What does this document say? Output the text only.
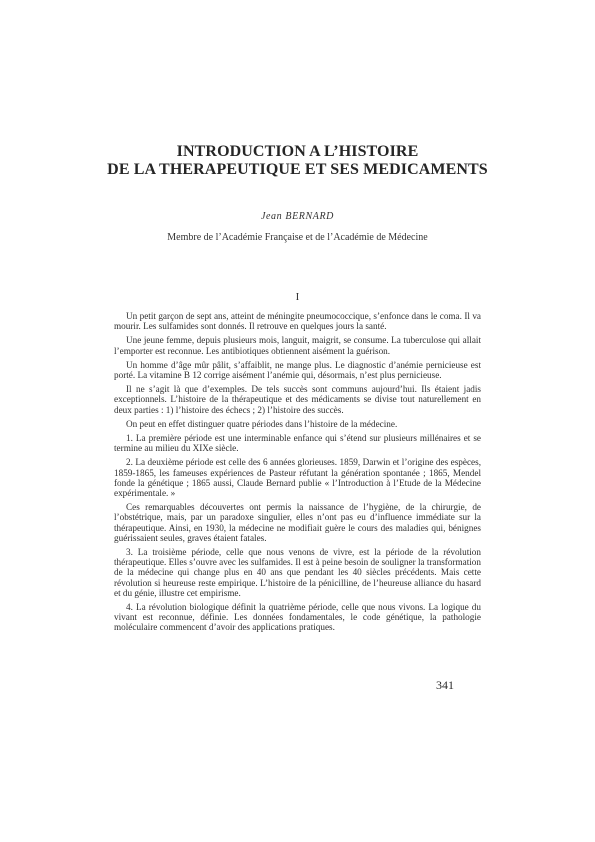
INTRODUCTION A L’HISTOIRE
DE LA THERAPEUTIQUE ET SES MEDICAMENTS
Jean BERNARD
Membre de l’Académie Française et de l’Académie de Médecine
I

Un petit garçon de sept ans, atteint de méningite pneumococcique, s’enfonce dans le coma. Il va mourir. Les sulfamides sont donnés. Il retrouve en quelques jours la santé.

Une jeune femme, depuis plusieurs mois, languit, maigrit, se consume. La tuberculose qui allait l’emporter est reconnue. Les antibiotiques obtiennent aisément la guérison.

Un homme d’âge mûr pâlit, s’affaiblit, ne mange plus. Le diagnostic d’anémie pernicieuse est porté. La vitamine B 12 corrige aisément l’anémie qui, désormais, n’est plus pernicieuse.

Il ne s’agit là que d’exemples. De tels succès sont communs aujourd’hui. Ils étaient jadis exceptionnels. L’histoire de la thérapeutique et des médicaments se divise tout naturellement en deux parties : 1) l’histoire des échecs ; 2) l’histoire des succès.

On peut en effet distinguer quatre périodes dans l’histoire de la médecine.

1. La première période est une interminable enfance qui s’étend sur plusieurs millénaires et se termine au milieu du XIXe siècle.

2. La deuxième période est celle des 6 années glorieuses. 1859, Darwin et l’origine des espèces, 1859-1865, les fameuses expériences de Pasteur réfutant la génération spontanée ; 1865, Mendel fonde la génétique ; 1865 aussi, Claude Bernard publie « l’Introduction à l’Etude de la Médecine expérimentale. »

Ces remarquables découvertes ont permis la naissance de l’hygiène, de la chirurgie, de l’obstétrique, mais, par un paradoxe singulier, elles n’ont pas eu d’influence immédiate sur la thérapeutique. Ainsi, en 1930, la médecine ne modifiait guère le cours des maladies qui, bénignes guérissaient seules, graves étaient fatales.

3. La troisième période, celle que nous venons de vivre, est la période de la révolution thérapeutique. Elles s’ouvre avec les sulfamides. Il est à peine besoin de souligner la transformation de la médecine qui change plus en 40 ans que pendant les 40 siècles précédents. Mais cette révolution si heureuse reste empirique. L’histoire de la pénicilline, de l’heureuse alliance du hasard et du génie, illustre cet empirisme.

4. La révolution biologique définit la quatrième période, celle que nous vivons. La logique du vivant est reconnue, définie. Les données fondamentales, le code génétique, la pathologie moléculaire commencent d’avoir des applications pratiques.

341
